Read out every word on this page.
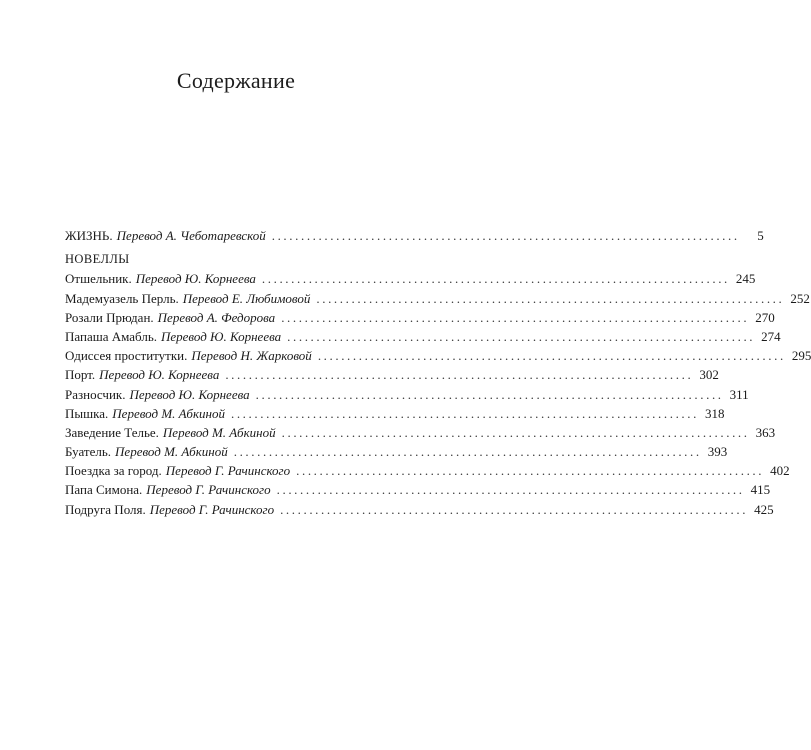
Содержание
ЖИЗНЬ. Перевод А. Чеботаревской ................................................................................	5
НОВЕЛЛЫ
Отшельник. Перевод Ю. Корнеева ................................................................................ 245
Мадемуазель Перль. Перевод Е. Любимовой ................................................................................ 252
Розали Прюдан. Перевод А. Федорова ................................................................................ 270
Папаша Амабль. Перевод Ю. Корнеева ................................................................................ 274
Одиссея проститутки. Перевод Н. Жарковой ................................................................................ 295
Порт. Перевод Ю. Корнеева ................................................................................ 302
Разносчик. Перевод Ю. Корнеева ................................................................................ 311
Пышка. Перевод М. Абкиной ................................................................................ 318
Заведение Телье. Перевод М. Абкиной ................................................................................ 363
Буатель. Перевод М. Абкиной ................................................................................ 393
Поездка за город. Перевод Г. Рачинского ................................................................................ 402
Папа Симона. Перевод Г. Рачинского ................................................................................ 415
Подруга Поля. Перевод Г. Рачинского ................................................................................ 425
